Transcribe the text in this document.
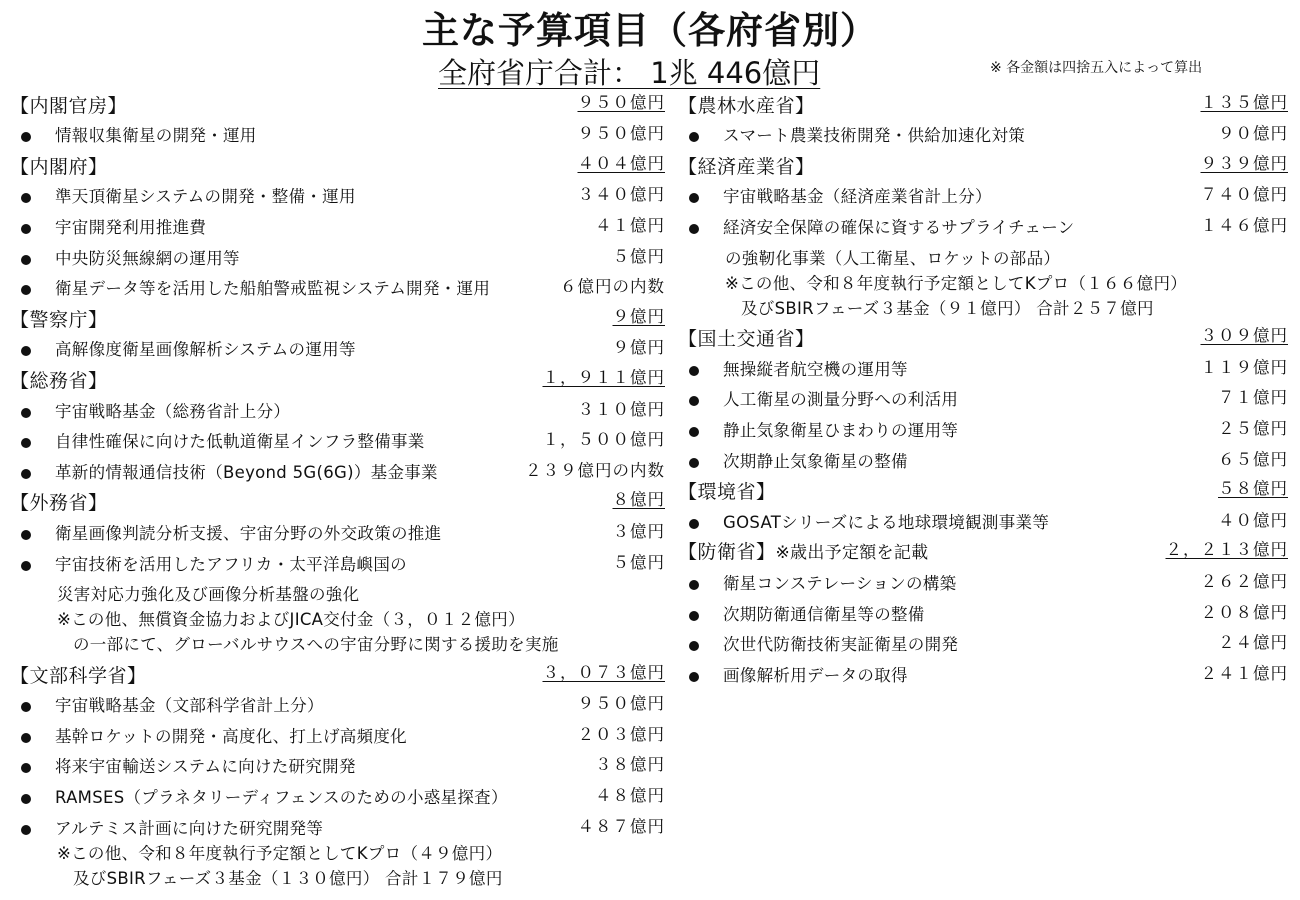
主な予算項目（各府省別）
全府省庁合計： 1兆 446億円	※ 各金額は四捨五入によって算出
【内閣官房】	９５０億円
情報収集衛星の開発・運用	９５０億円
【内閣府】	４０４億円
準天頂衛星システムの開発・整備・運用	３４０億円
宇宙開発利用推進費	４１億円
中央防災無線網の運用等	５億円
衛星データ等を活用した船舶警戒監視システム開発・運用	６億円の内数
【警察庁】	９億円
高解像度衛星画像解析システムの運用等	９億円
【総務省】	１，９１１億円
宇宙戦略基金（総務省計上分）	３１０億円
自律性確保に向けた低軌道衛星インフラ整備事業	１，５００億円
革新的情報通信技術（Beyond 5G(6G)）基金事業	２３９億円の内数
【外務省】	８億円
衛星画像判読分析支援、宇宙分野の外交政策の推進	３億円
宇宙技術を活用したアフリカ・太平洋島嶼国の	５億円
災害対応力強化及び画像分析基盤の強化
※この他、無償資金協力およびJICA交付金（３，０１２億円）
の一部にて、グローバルサウスへの宇宙分野に関する援助を実施
【文部科学省】	３，０７３億円
宇宙戦略基金（文部科学省計上分）	９５０億円
基幹ロケットの開発・高度化、打上げ高頻度化	２０３億円
将来宇宙輸送システムに向けた研究開発	３８億円
RAMSES（プラネタリーディフェンスのための小惑星探査）	４８億円
アルテミス計画に向けた研究開発等	４８７億円
※この他、令和８年度執行予定額としてKプロ（４９億円）
及びSBIRフェーズ３基金（１３０億円） 合計１７９億円
【農林水産省】	１３５億円
スマート農業技術開発・供給加速化対策	９０億円
【経済産業省】	９３９億円
宇宙戦略基金（経済産業省計上分）	７４０億円
経済安全保障の確保に資するサプライチェーン	１４６億円
の強靭化事業（人工衛星、ロケットの部品）
※この他、令和８年度執行予定額としてKプロ（１６６億円）
及びSBIRフェーズ３基金（９１億円） 合計２５７億円
【国土交通省】	３０９億円
無操縦者航空機の運用等	１１９億円
人工衛星の測量分野への利活用	７１億円
静止気象衛星ひまわりの運用等	２５億円
次期静止気象衛星の整備	６５億円
【環境省】	５８億円
GOSATシリーズによる地球環境観測事業等	４０億円
【防衛省】※歳出予定額を記載	２，２１３億円
衛星コンステレーションの構築	２６２億円
次期防衛通信衛星等の整備	２０８億円
次世代防衛技術実証衛星の開発	２４億円
画像解析用データの取得	２４１億円
